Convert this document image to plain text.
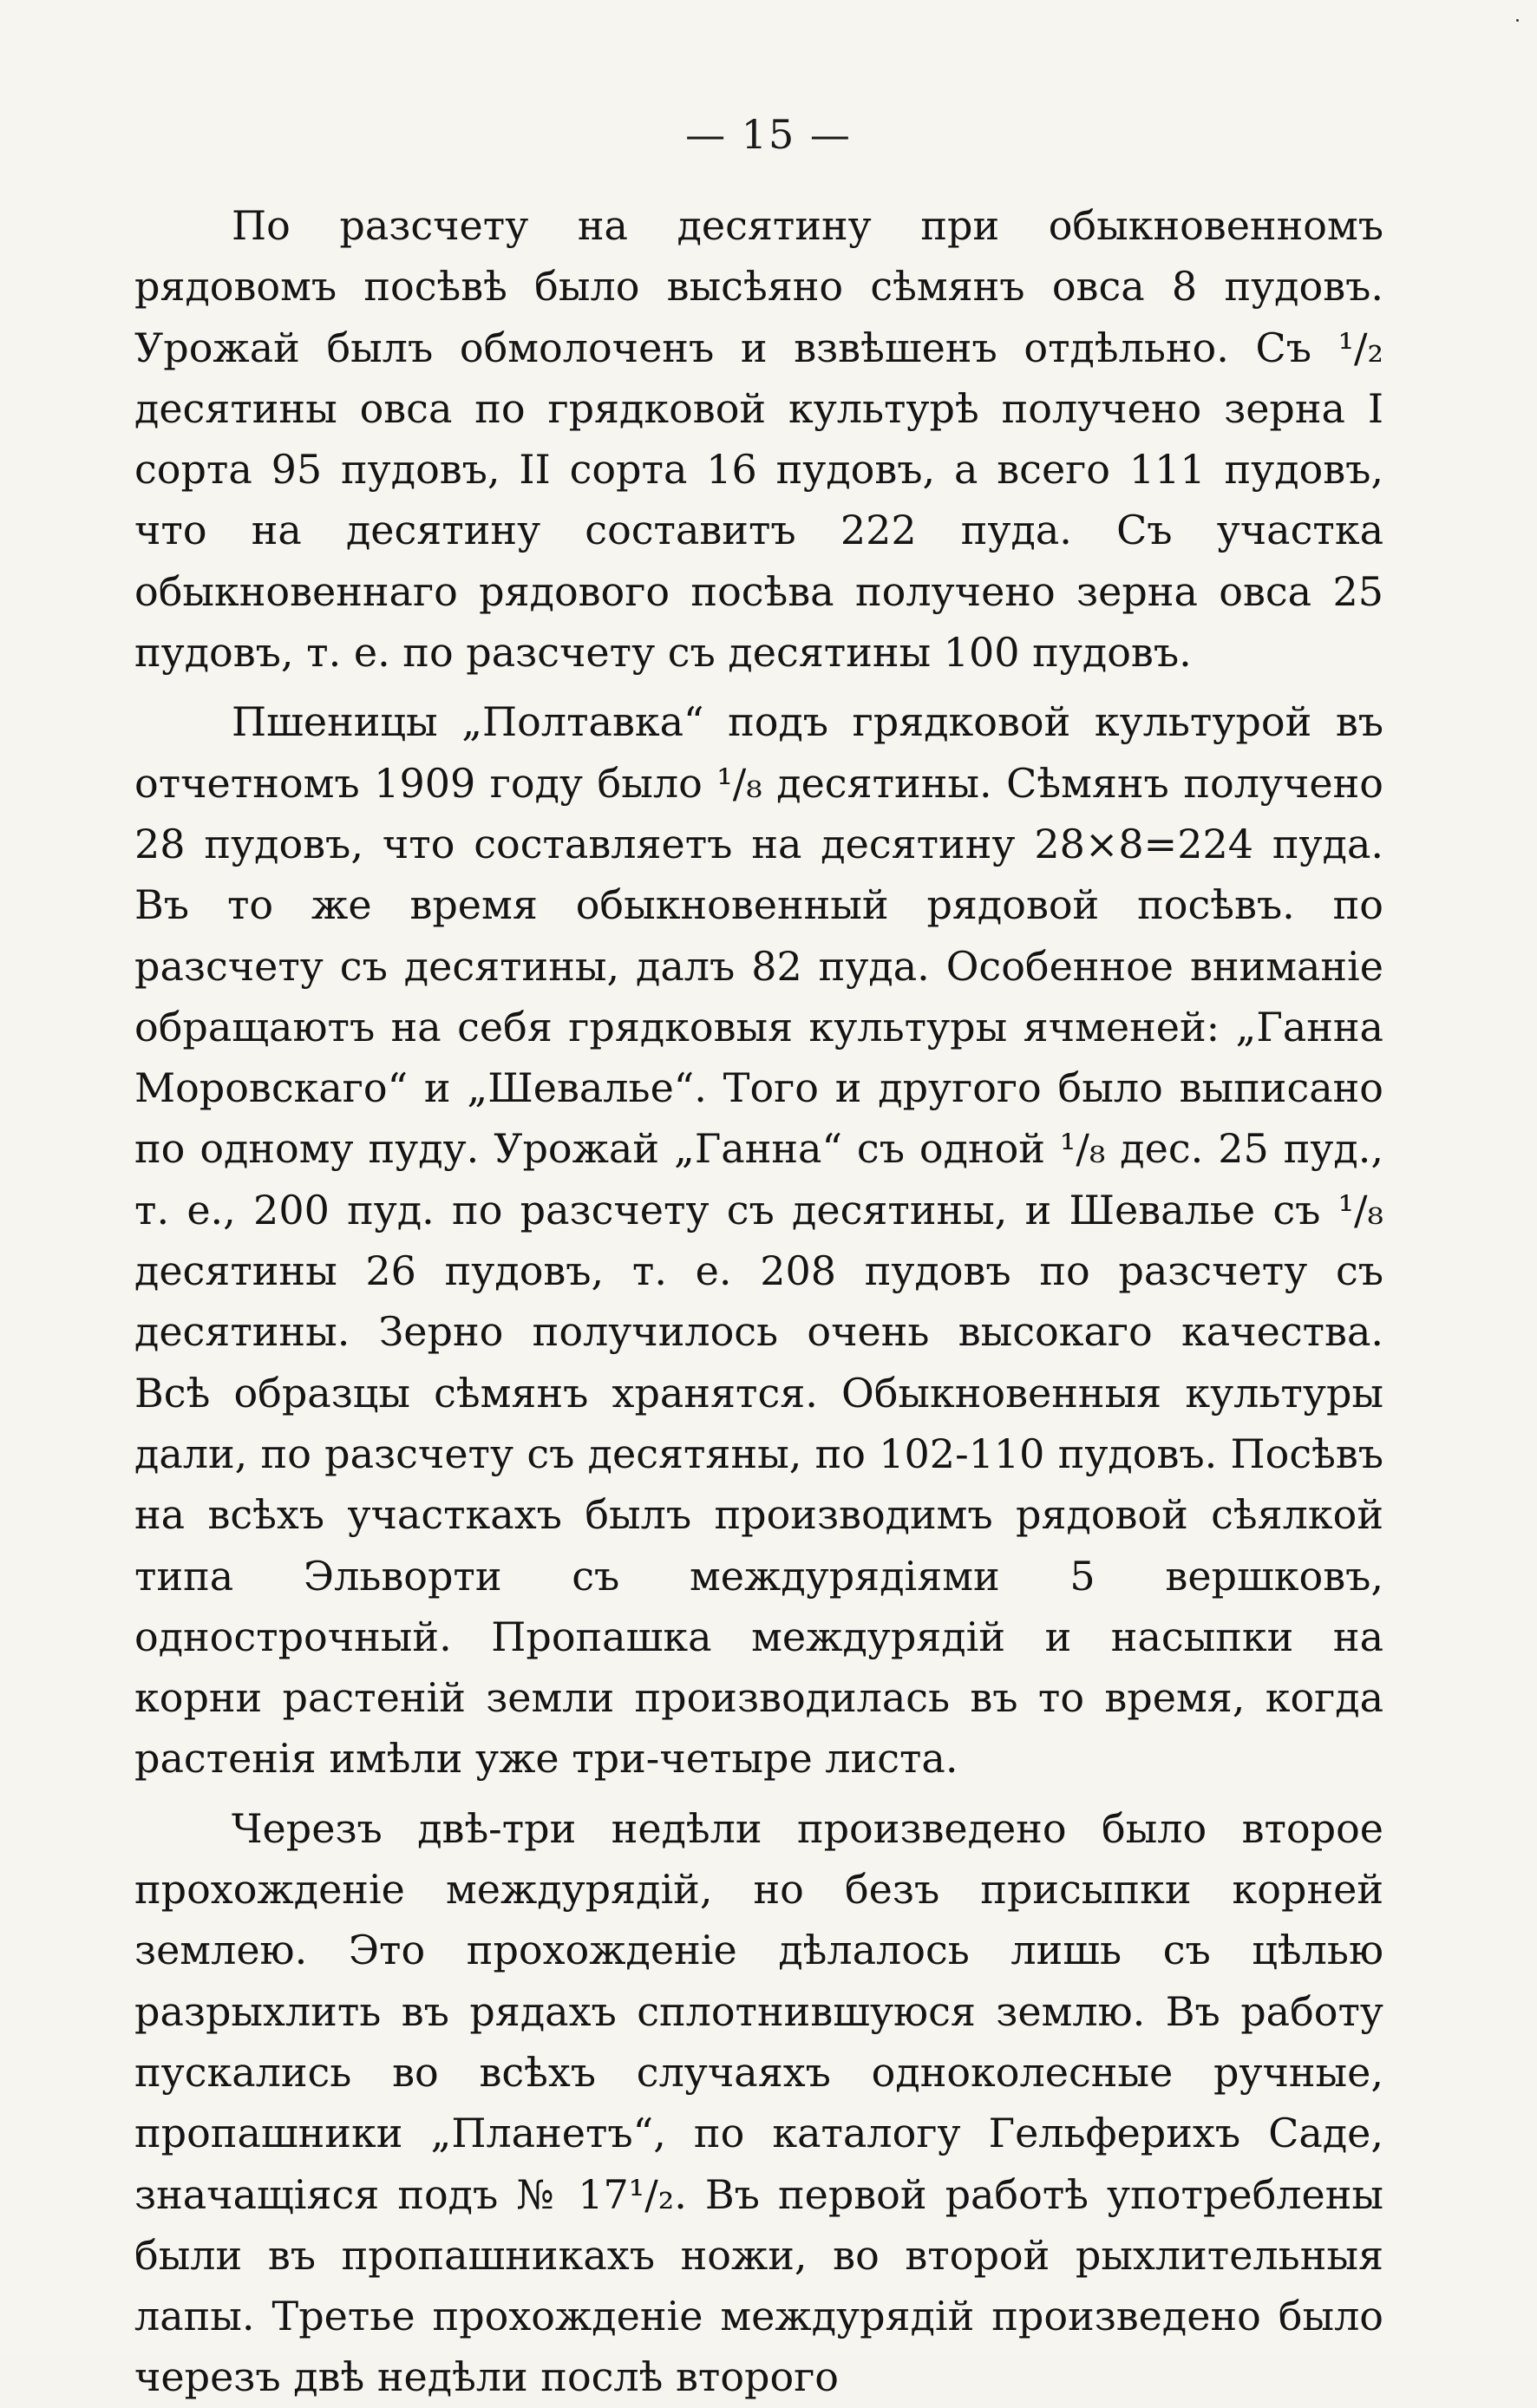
— 15 —

По разсчету на десятину при обыкновенномъ рядовомъ посѣвѣ было высѣяно сѣмянъ овса 8 пудовъ. Урожай былъ обмолоченъ и взвѣшенъ отдѣльно. Съ ¹/₂ десятины овса по грядковой культурѣ получено зерна I сорта 95 пудовъ, II сорта 16 пудовъ, а всего 111 пудовъ, что на десятину составитъ 222 пуда. Съ участка обыкновеннаго рядового посѣва получено зерна овса 25 пудовъ, т. е. по разсчету съ десятины 100 пудовъ.

Пшеницы „Полтавка“ подъ грядковой культурой въ отчетномъ 1909 году было ¹/₈ десятины. Сѣмянъ получено 28 пудовъ, что составляетъ на десятину 28×8=224 пуда. Въ то же время обыкновенный рядовой посѣвъ. по разсчету съ десятины, далъ 82 пуда. Особенное вниманіе обращаютъ на себя грядковыя культуры ячменей: „Ганна Моровскаго“ и „Шевалье“. Того и другого было выписано по одному пуду. Урожай „Ганна“ съ одной ¹/₈ дес. 25 пуд., т. е., 200 пуд. по разсчету съ десятины, и Шевалье съ ¹/₈ десятины 26 пудовъ, т. е. 208 пудовъ по разсчету съ десятины. Зерно получилось очень высокаго качества. Всѣ образцы сѣмянъ хранятся. Обыкновенныя культуры дали, по разсчету съ десятяны, по 102-110 пудовъ. Посѣвъ на всѣхъ участкахъ былъ производимъ рядовой сѣялкой типа Эльворти съ междурядіями 5 вершковъ, однострочный. Пропашка междурядій и насыпки на корни растеній земли производилась въ то время, когда растенія имѣли уже три-четыре листа.

Черезъ двѣ-три недѣли произведено было второе прохожденіе междурядій, но безъ присыпки корней землею. Это прохожденіе дѣлалось лишь съ цѣлью разрыхлить въ рядахъ сплотнившуюся землю. Въ работу пускались во всѣхъ случаяхъ одноколесные ручные, пропашники „Планетъ“, по каталогу Гельферихъ Саде, значащіяся подъ № 17¹/₂. Въ первой работѣ употреблены были въ пропашникахъ ножи, во второй рыхлительныя лапы. Третье прохожденіе междурядій произведено было черезъ двѣ недѣли послѣ второго
